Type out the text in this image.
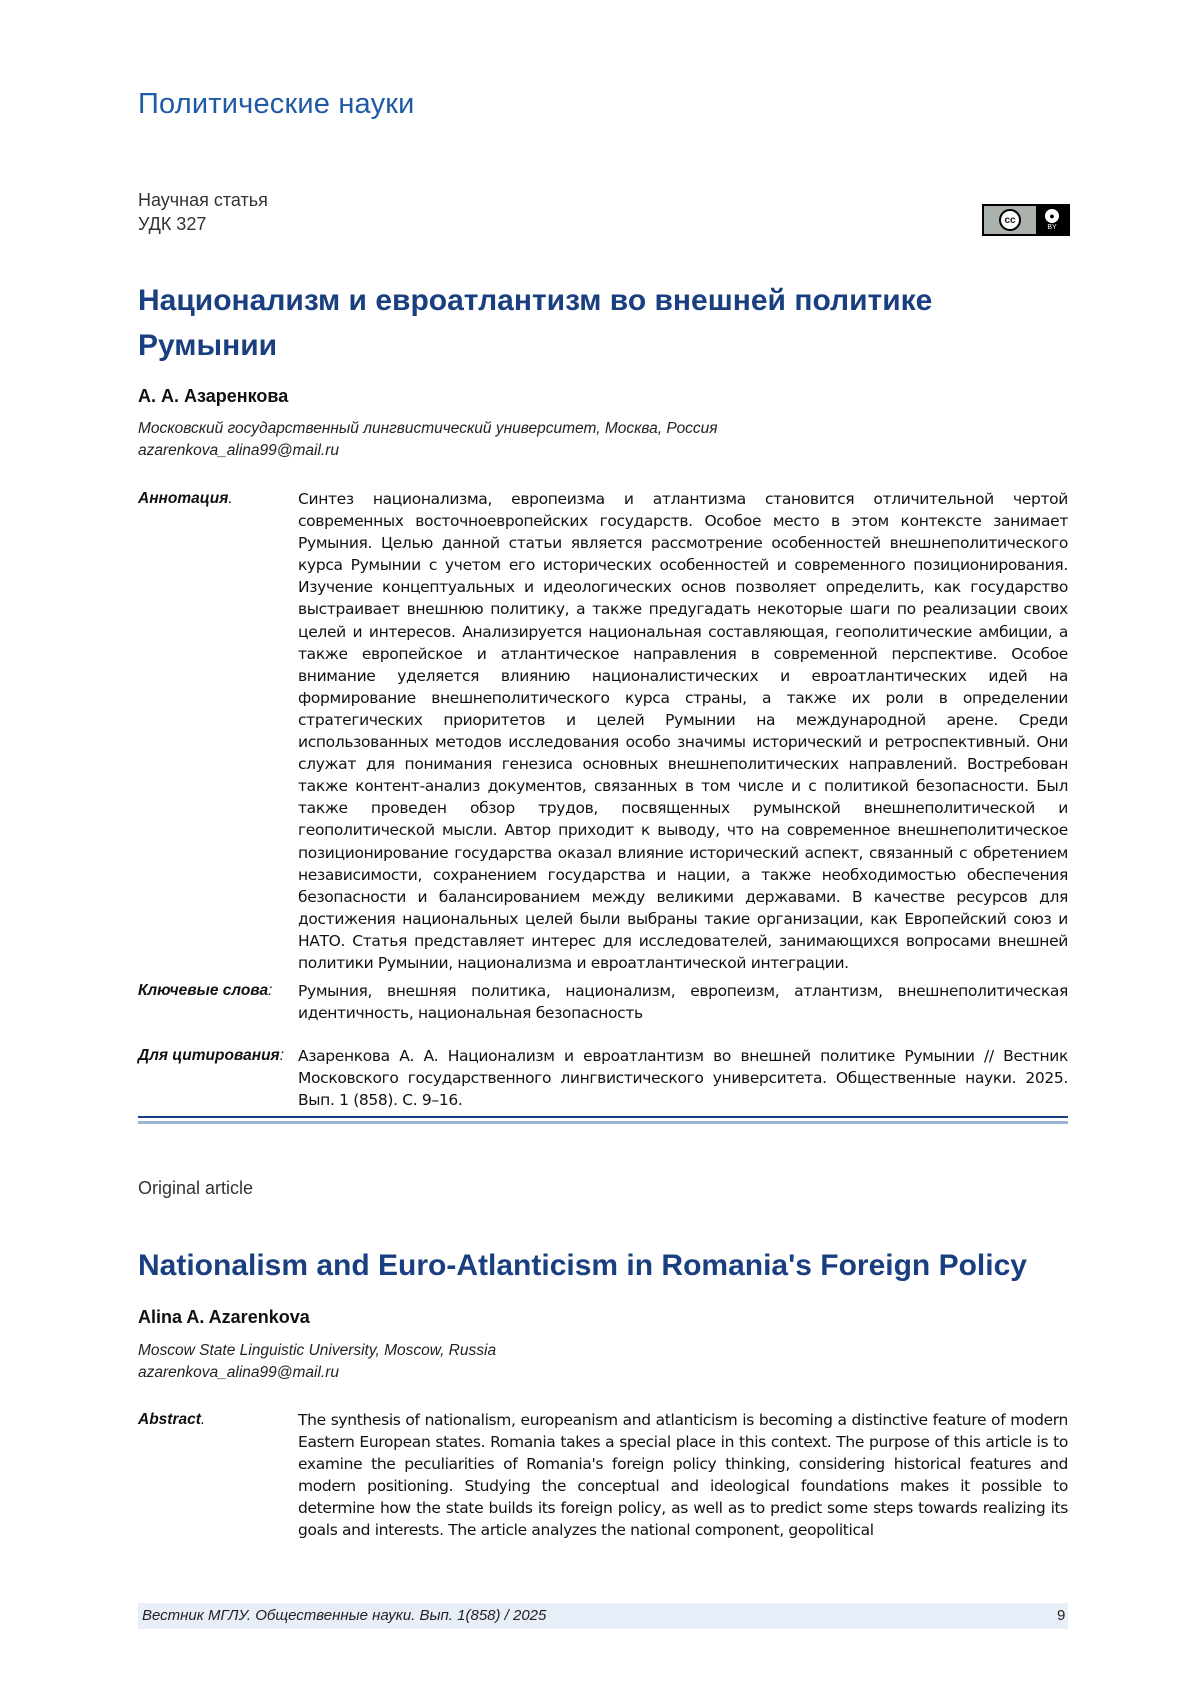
Политические науки
Научная статья
УДК 327	cc	●
BY
Национализм и евроатлантизм во внешней политике Румынии
А. А. Азаренкова
Московский государственный лингвистический университет, Москва, Россия
azarenkova_alina99@mail.ru
Аннотация.	Синтез национализма, европеизма и атлантизма становится отличительной чертой современных восточноевропейских государств. Особое место в этом контексте занимает Румыния. Целью данной статьи является рассмотрение особенностей внешнеполитического курса Румынии с учетом его исторических особенностей и современного позиционирования. Изучение концептуальных и идеологических основ позволяет определить, как государство выстраивает внешнюю политику, а также предугадать некоторые шаги по реализации своих целей и интересов. Анализируется национальная составляющая, геополитические амбиции, а также европейское и атлантическое направления в современной перспективе. Особое внимание уделяется влиянию националистических и евроатлантических идей на формирование внешнеполитического курса страны, а также их роли в определении стратегических приоритетов и целей Румынии на международной арене. Среди использованных методов исследования особо значимы исторический и ретроспективный. Они служат для понимания генезиса основных внешнеполитических направлений. Востребован также контент-анализ документов, связанных в том числе и с политикой безопасности. Был также проведен обзор трудов, посвященных румынской внешнеполитической и геополитической мысли. Автор приходит к выводу, что на современное внешнеполитическое позиционирование государства оказал влияние исторический аспект, связанный с обретением независимости, сохранением государства и нации, а также необходимостью обеспечения безопасности и балансированием между великими державами. В качестве ресурсов для достижения национальных целей были выбраны такие организации, как Европейский союз и НАТО. Статья представляет интерес для исследователей, занимающихся вопросами внешней политики Румынии, национализма и евроатлантической интеграции.
Ключевые слова:	Румыния, внешняя политика, национализм, европеизм, атлантизм, внешнеполитическая идентичность, национальная безопасность
Для цитирования: Азаренкова А. А. Национализм и евроатлантизм во внешней политике Румынии // Вестник Московского государственного лингвистического университета. Общественные науки. 2025. Вып. 1 (858). С. 9–16.
Original article
Nationalism and Euro-Atlanticism in Romania's Foreign Policy
Alina A. Azarenkova
Moscow State Linguistic University, Moscow, Russia
azarenkova_alina99@mail.ru
Abstract.	The synthesis of nationalism, europeanism and atlanticism is becoming a distinctive feature of modern Eastern European states. Romania takes a special place in this context. The purpose of this article is to examine the peculiarities of Romania's foreign policy thinking, considering historical features and modern positioning. Studying the conceptual and ideological foundations makes it possible to determine how the state builds its foreign policy, as well as to predict some steps towards realizing its goals and interests. The article analyzes the national component, geopolitical
Вестник МГЛУ. Общественные науки. Вып. 1(858) / 2025	9
